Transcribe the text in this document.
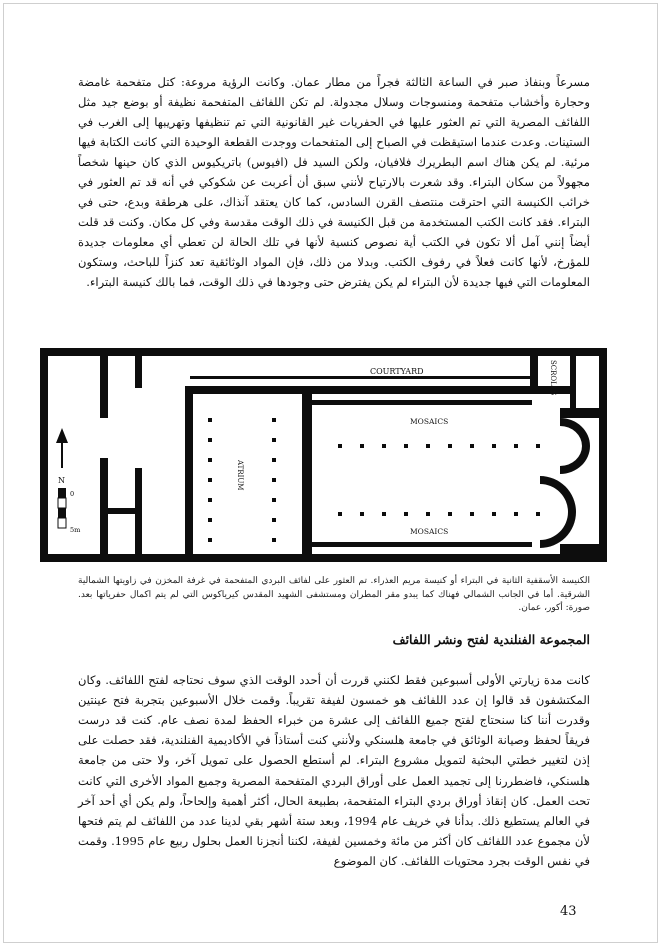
مسرعاً وبنفاذ صبر في الساعة الثالثة فجراً من مطار عمان. وكانت الرؤية مروعة: كتل متفحمة غامضة وحجارة وأخشاب متفحمة ومنسوجات وسلال مجدولة. لم تكن اللفائف المتفحمة نظيفة أو بوضع جيد مثل اللفائف المصرية التي تم العثور عليها في الحفريات غير القانونية التي تم تنظيفها وتهريبها إلى الغرب في الستينات. وعدت عندما استيقظت في الصباح إلى المتفحمات ووجدت القطعة الوحيدة التي كانت الكتابة فيها مرئية. لم يكن هناك اسم البطريرك فلافيان، ولكن السيد فل (افيوس) باتريكيوس الذي كان حينها شخصاً مجهولاً من سكان البتراء. وقد شعرت بالارتياح لأنني سبق أن أعربت عن شكوكي في أنه قد تم العثور في خرائب الكنيسة التي احترقت منتصف القرن السادس، كما كان يعتقد آنذاك، على هرطقة وبدع، حتى في البتراء. فقد كانت الكتب المستخدمة من قبل الكنيسة في ذلك الوقت مقدسة وفي كل مكان. وكنت قد قلت أيضاً إنني آمل ألا تكون في الكتب أية نصوص كنسية لأنها في تلك الحالة لن تعطي أي معلومات جديدة للمؤرخ، لأنها كانت فعلاً في رفوف الكتب. وبدلا من ذلك، فإن المواد الوثائقية تعد كنزاً للباحث، وستكون المعلومات التي فيها جديدة لأن البتراء لم يكن يفترض حتى وجودها في ذلك الوقت، فما بالك كنيسة البتراء.

COURTYARD	SCROLLS
MOSAICS
MOSAICS
ATRIUM
N
0
5m

الكنيسة الأسقفية الثانية في البتراء أو كنيسة مريم العذراء. تم العثور على لفائف البردي المتفحمة في غرفة المخزن في زاويتها الشمالية الشرقية. أما في الجانب الشمالي فهناك كما يبدو مقر المطران ومستشفى الشهيد المقدس كيرياكوس التي لم يتم اكمال حفرياتها بعد. صورة: أكور، عمان.

المجموعة الفنلندية لفتح ونشر اللفائف

كانت مدة زيارتي الأولى أسبوعين فقط لكنني قررت أن أحدد الوقت الذي سوف نحتاجه لفتح اللفائف. وكان المكتشفون قد قالوا إن عدد اللفائف هو خمسون لفيفة تقريباً. وقمت خلال الأسبوعين بتجربة فتح عينتين وقدرت أننا كنا سنحتاج لفتح جميع اللفائف إلى عشرة من خبراء الحفظ لمدة نصف عام. كنت قد درست فريقاً لحفظ وصيانة الوثائق في جامعة هلسنكي ولأنني كنت أستاذاً في الأكاديمية الفنلندية، فقد حصلت على إذن لتغيير خطتي البحثية لتمويل مشروع البتراء. لم أستطع الحصول على تمويل آخر، ولا حتى من جامعة هلسنكي، فاضطررنا إلى تجميد العمل على أوراق البردي المتفحمة المصرية وجميع المواد الأخرى التي كانت تحت العمل. كان إنقاذ أوراق بردي البتراء المتفحمة، بطبيعة الحال، أكثر أهمية وإلحاحاً، ولم يكن أي أحد آخر في العالم يستطيع ذلك. بدأنا في خريف عام 1994، وبعد ستة أشهر بقي لدينا عدد من اللفائف لم يتم فتحها لأن مجموع عدد اللفائف كان أكثر من مائة وخمسين لفيفة، لكننا أنجزنا العمل بحلول ربيع عام 1995. وقمت في نفس الوقت بجرد محتويات اللفائف. كان الموضوع

43
